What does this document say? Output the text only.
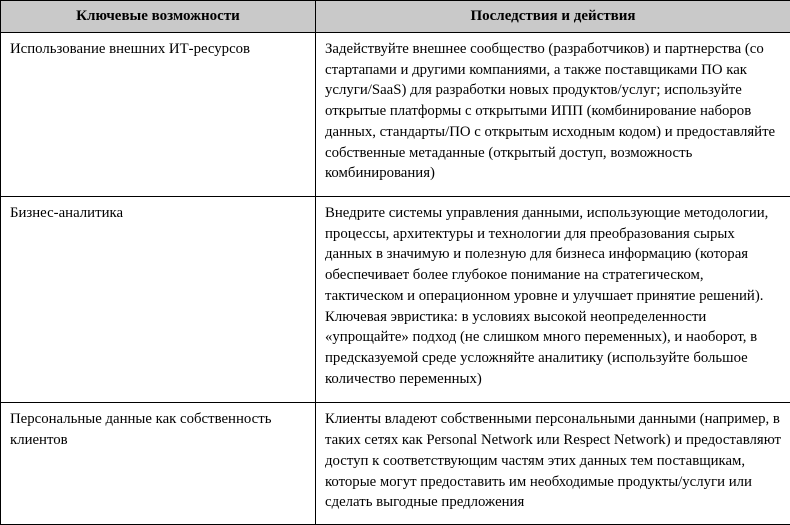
Ключевые возможности	Последствия и действия
Использование внешних ИТ-ресурсов	Задействуйте внешнее сообщество (разработчиков) и партнерства (со стартапами и другими компаниями, а также поставщиками ПО как услуги/SaaS) для разработки новых продуктов/услуг; используйте открытые платформы с открытыми ИПП (комбинирование наборов данных, стандарты/ПО с открытым исходным кодом) и предоставляйте собственные метаданные (открытый доступ, возможность комбинирования)
Бизнес-аналитика	Внедрите системы управления данными, использующие методологии, процессы, архитектуры и технологии для преобразования сырых данных в значимую и полезную для бизнеса информацию (которая обеспечивает более глубокое понимание на стратегическом, тактическом и операционном уровне и улучшает принятие решений). Ключевая эвристика: в условиях высокой неопределенности «упрощайте» подход (не слишком много переменных), и наоборот, в предсказуемой среде усложняйте аналитику (используйте большое количество переменных)
Персональные данные как собственность клиентов	Клиенты владеют собственными персональными данными (например, в таких сетях как Personal Network или Respect Network) и предоставляют доступ к соответствующим частям этих данных тем поставщикам, которые могут предоставить им необходимые продукты/услуги или сделать выгодные предложения
